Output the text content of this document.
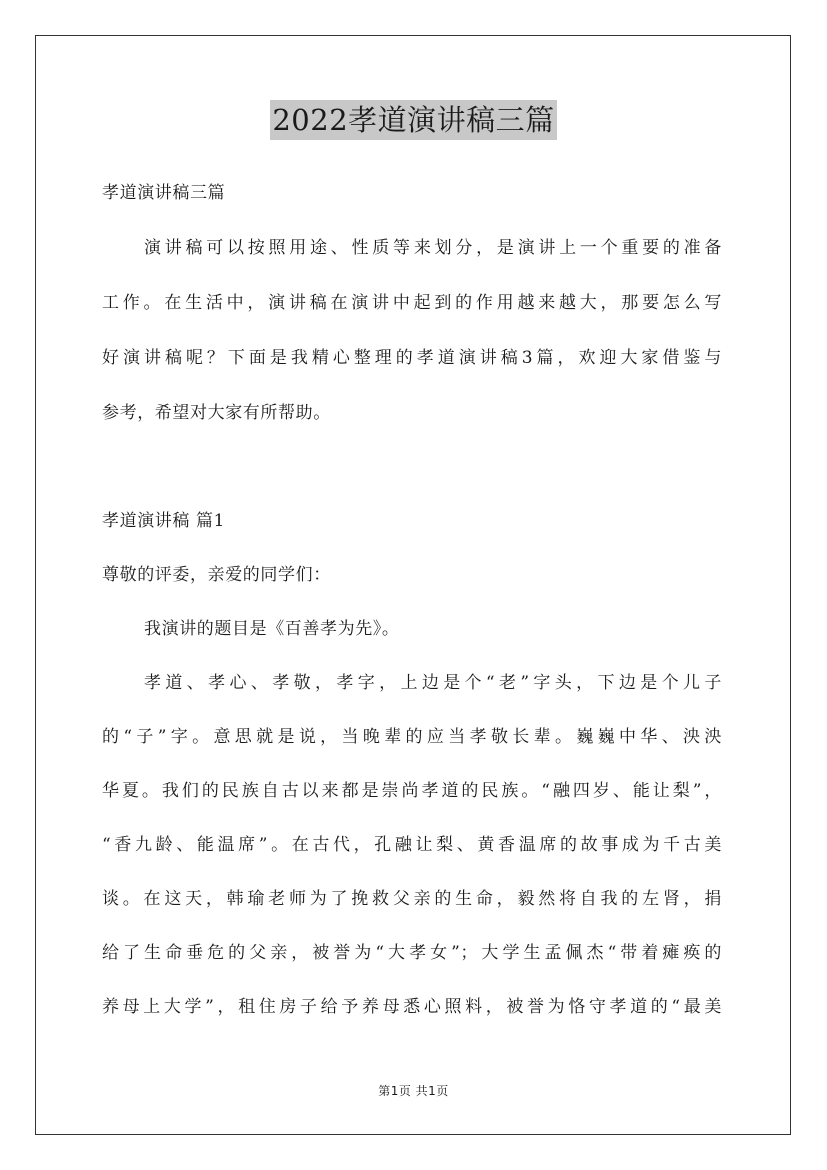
2022孝道演讲稿三篇
孝道演讲稿三篇
演讲稿可以按照用途、性质等来划分，是演讲上一个重要的准备
工作。在生活中，演讲稿在演讲中起到的作用越来越大，那要怎么写
好演讲稿呢？下面是我精心整理的孝道演讲稿3篇，欢迎大家借鉴与
参考，希望对大家有所帮助。
孝道演讲稿 篇1
尊敬的评委，亲爱的同学们：
我演讲的题目是《百善孝为先》。
孝道、孝心、孝敬，孝字，上边是个“老”字头，下边是个儿子
的“子”字。意思就是说，当晚辈的应当孝敬长辈。巍巍中华、泱泱
华夏。我们的民族自古以来都是崇尚孝道的民族。“融四岁、能让梨”，
“香九龄、能温席”。在古代，孔融让梨、黄香温席的故事成为千古美
谈。在这天，韩瑜老师为了挽救父亲的生命，毅然将自我的左肾，捐
给了生命垂危的父亲，被誉为“大孝女”；大学生孟佩杰“带着瘫痪的
养母上大学”，租住房子给予养母悉心照料，被誉为恪守孝道的“最美
第1页 共1页
